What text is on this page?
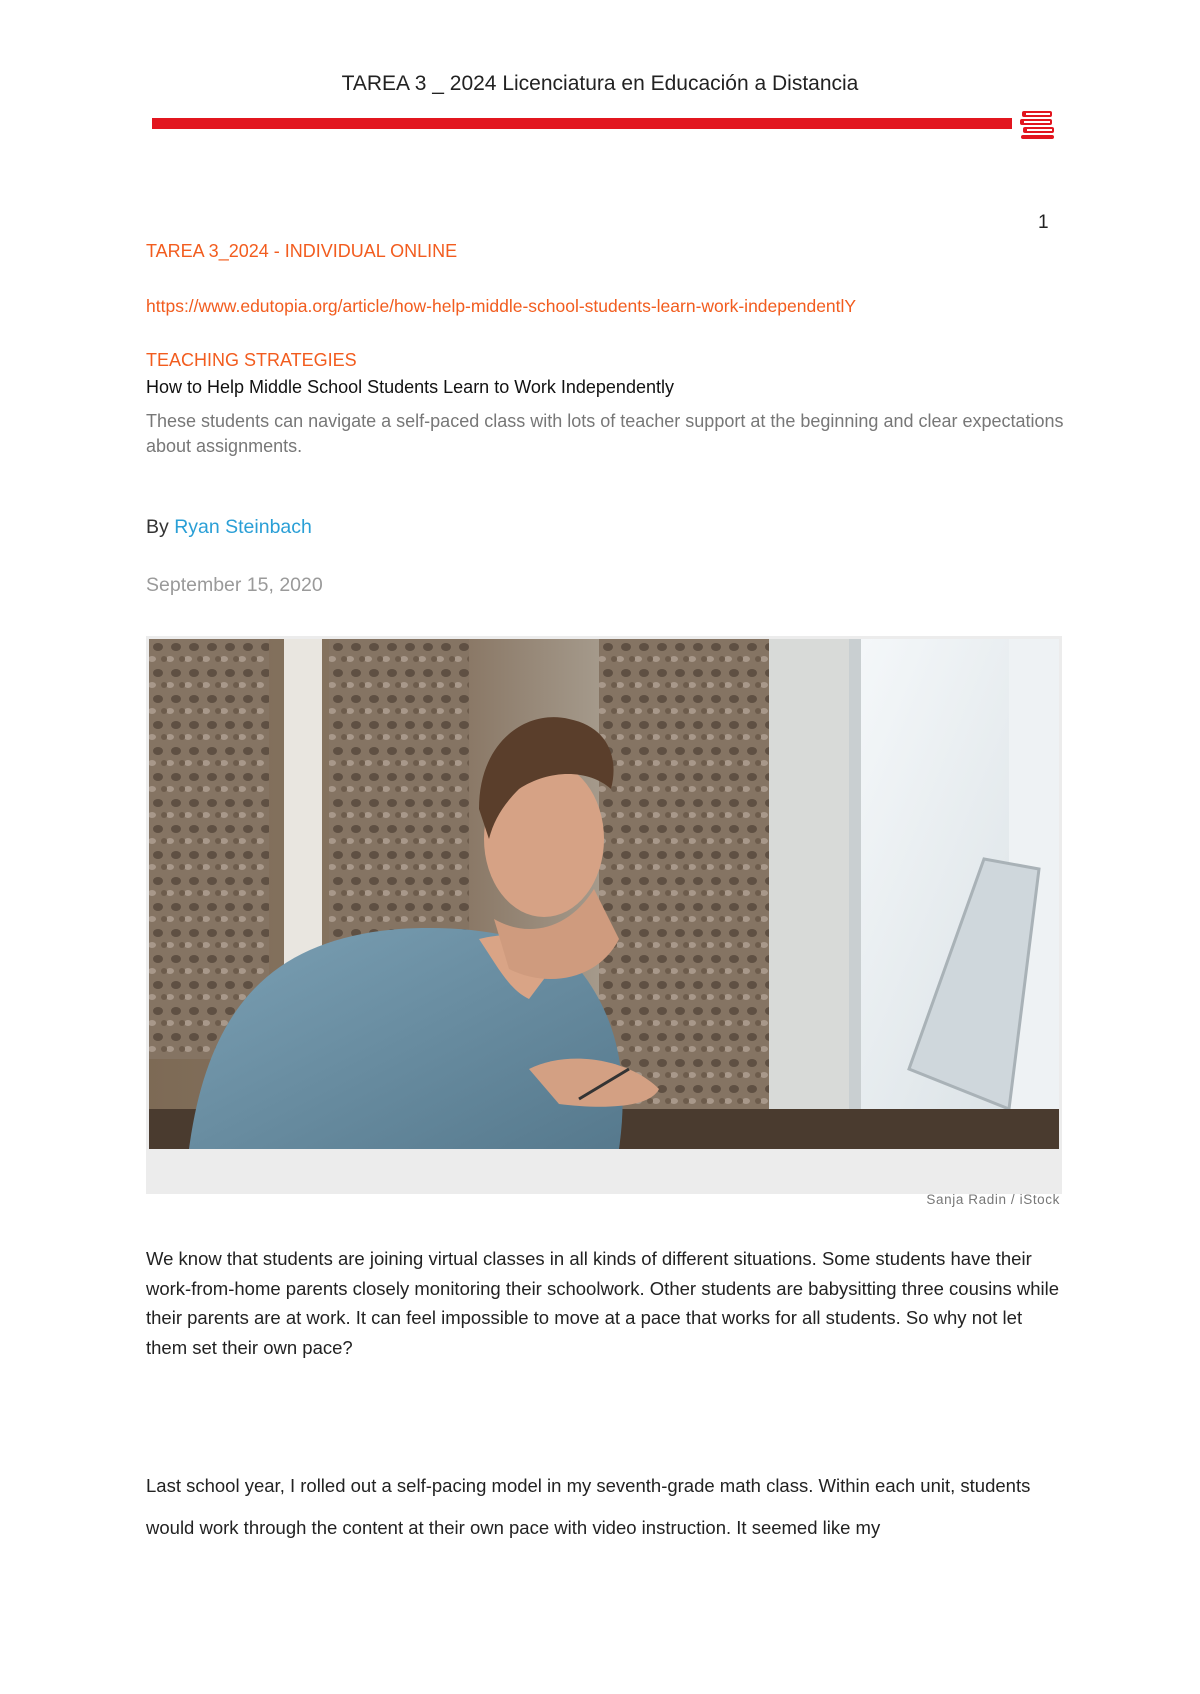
TAREA 3 _ 2024 Licenciatura en Educación a Distancia
1
TAREA 3_2024 - INDIVIDUAL ONLINE
https://www.edutopia.org/article/how-help-middle-school-students-learn-work-independentlY
TEACHING STRATEGIES
How to Help Middle School Students Learn to Work Independently
These students can navigate a self-paced class with lots of teacher support at the beginning and clear expectations about assignments.
By Ryan Steinbach
September 15, 2020
Sanja Radin / iStock
We know that students are joining virtual classes in all kinds of different situations. Some students have their work-from-home parents closely monitoring their schoolwork. Other students are babysitting three cousins while their parents are at work. It can feel impossible to move at a pace that works for all students. So why not let them set their own pace?
Last school year, I rolled out a self-pacing model in my seventh-grade math class. Within each unit, students would work through the content at their own pace with video instruction. It seemed like my
